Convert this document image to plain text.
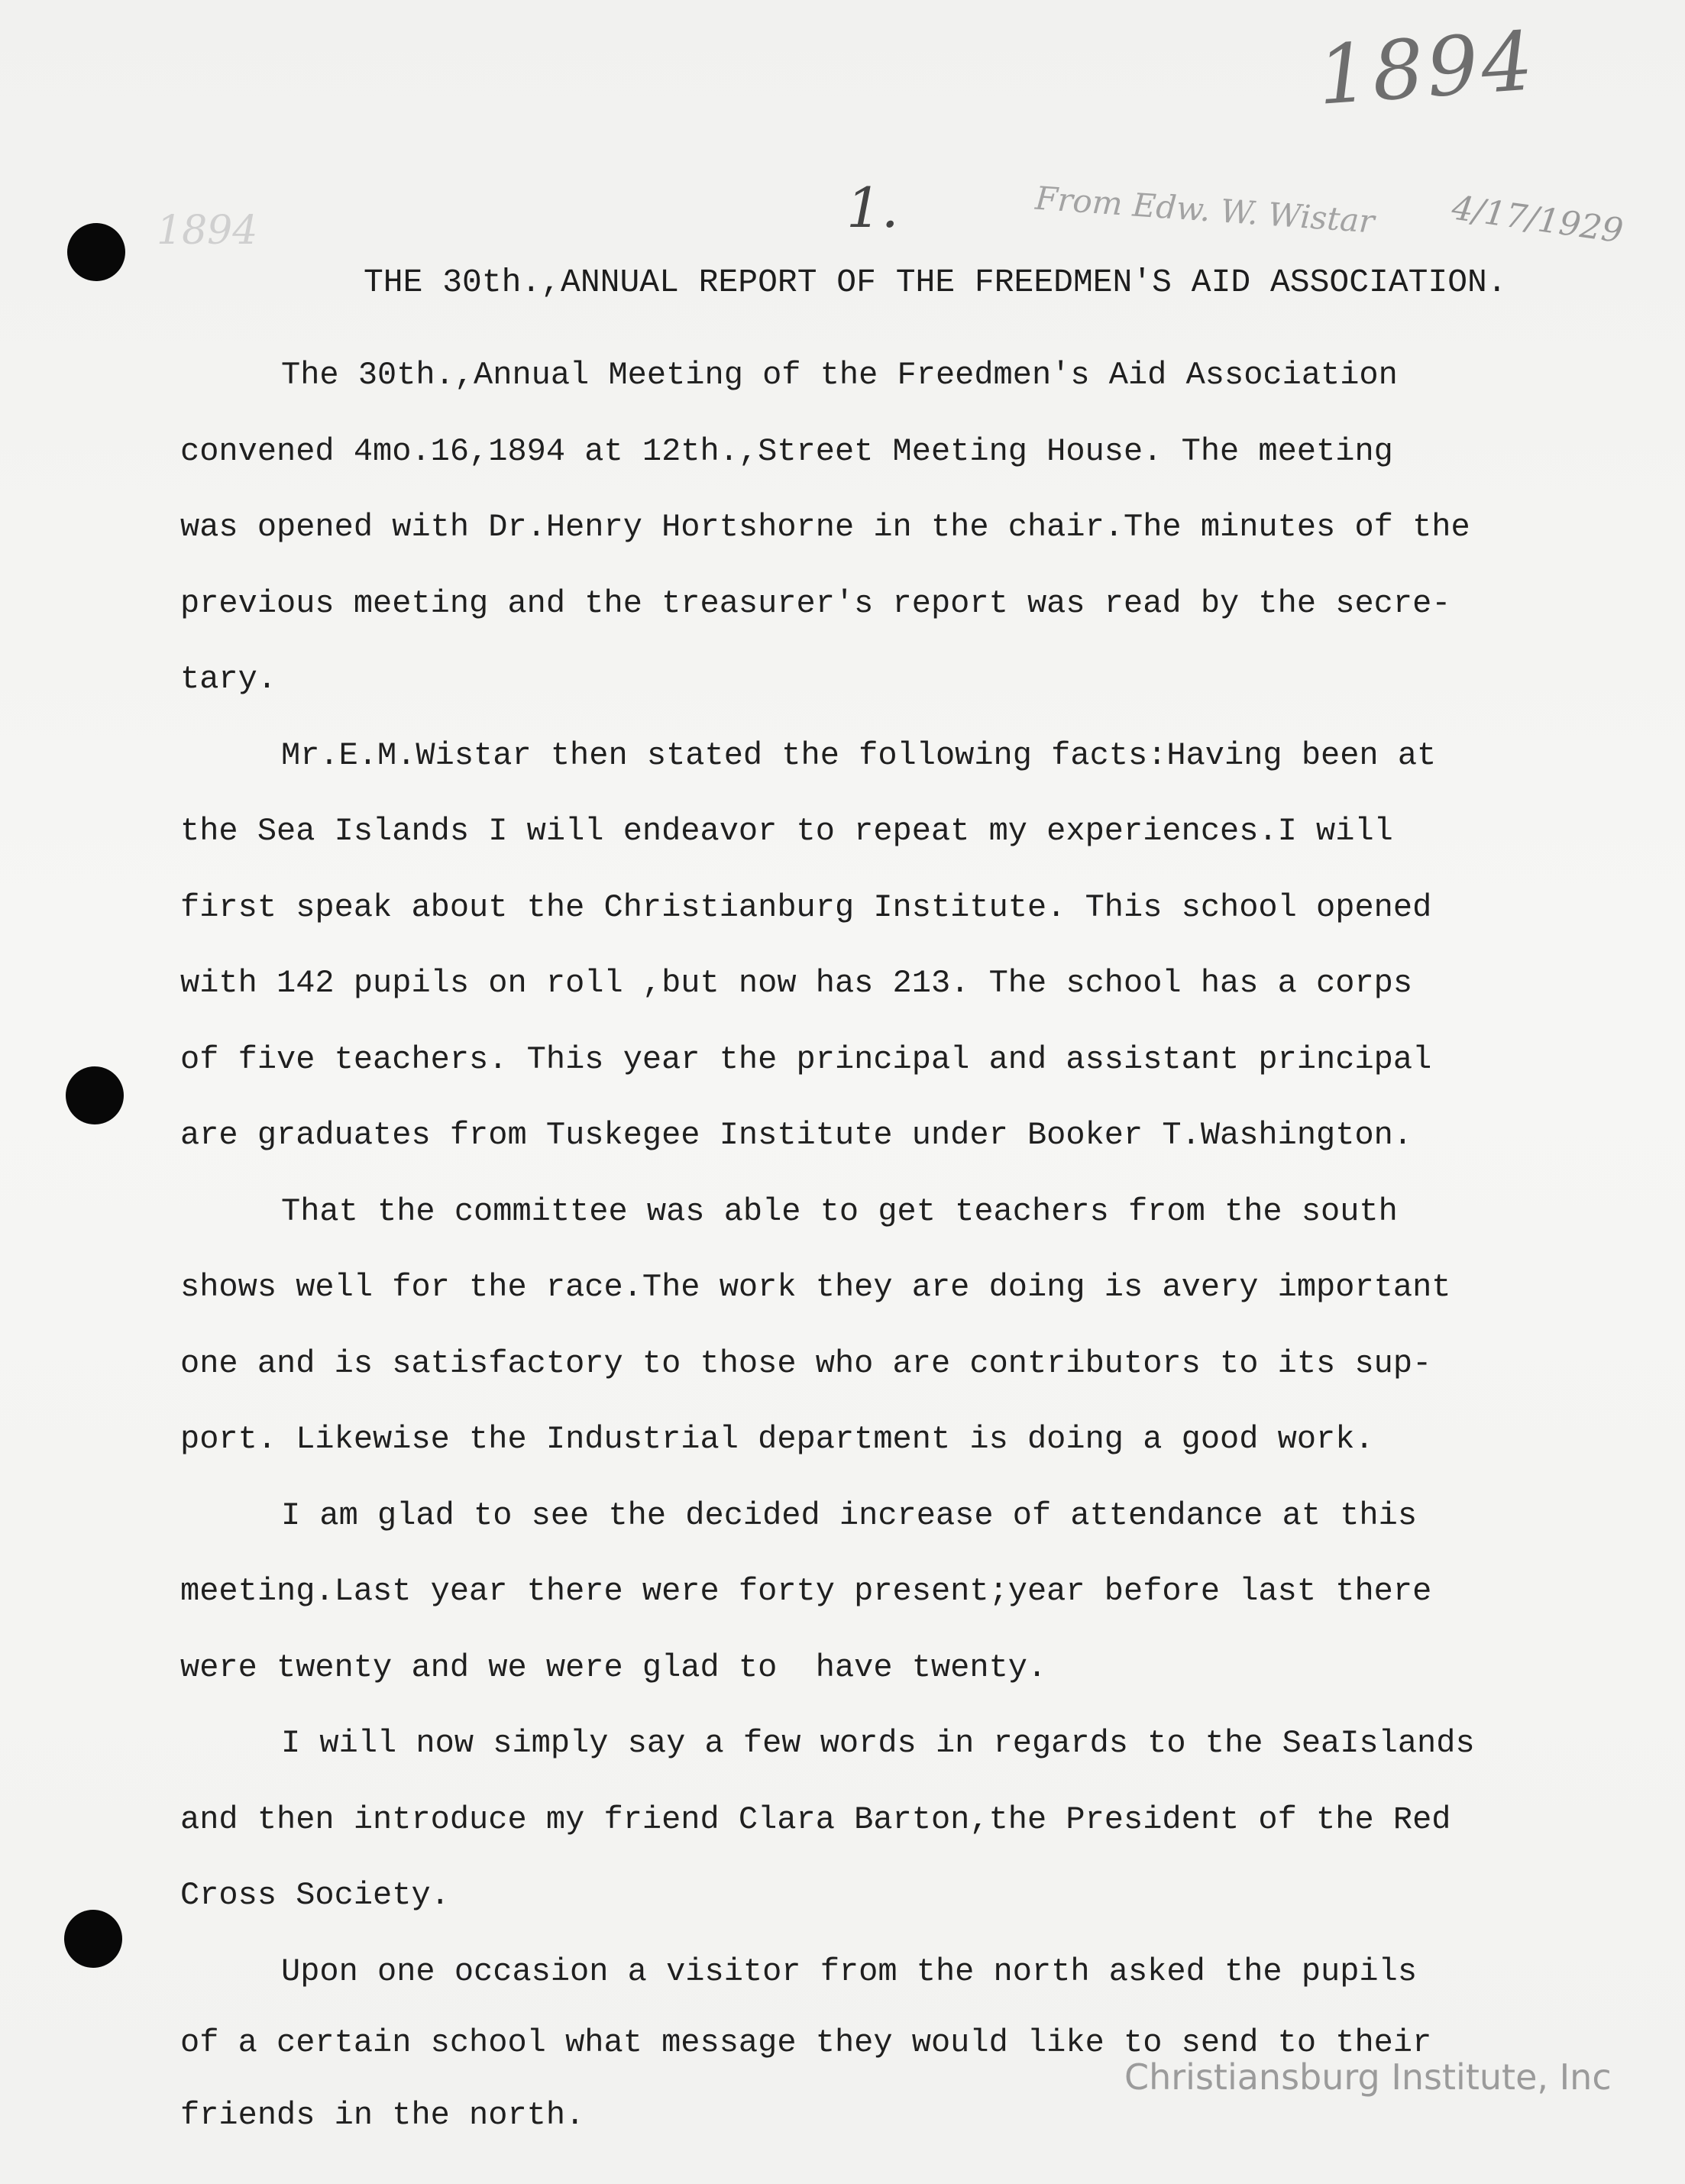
1894
1894	1.	From Edw. W. Wistar 4/17/1929
THE 30th.,ANNUAL REPORT OF THE FREEDMEN'S AID ASSOCIATION.
The 30th.,Annual Meeting of the Freedmen's Aid Association
convened 4mo.16,1894 at 12th.,Street Meeting House. The meeting
was opened with Dr.Henry Hortshorne in the chair.The minutes of the
previous meeting and the treasurer's report was read by the secre-
tary.
Mr.E.M.Wistar then stated the following facts:Having been at
the Sea Islands I will endeavor to repeat my experiences.I will
first speak about the Christianburg Institute. This school opened
with 142 pupils on roll ,but now has 213. The school has a corps
of five teachers. This year the principal and assistant principal
are graduates from Tuskegee Institute under Booker T.Washington.
That the committee was able to get teachers from the south
shows well for the race.The work they are doing is avery important
one and is satisfactory to those who are contributors to its sup-
port. Likewise the Industrial department is doing a good work.
I am glad to see the decided increase of attendance at this
meeting.Last year there were forty present;year before last there
were twenty and we were glad to  have twenty.
I will now simply say a few words in regards to the SeaIslands
and then introduce my friend Clara Barton,the President of the Red
Cross Society.
Upon one occasion a visitor from the north asked the pupils
of a certain school what message they would like to send to their
friends in the north.
Christiansburg Institute, Inc
